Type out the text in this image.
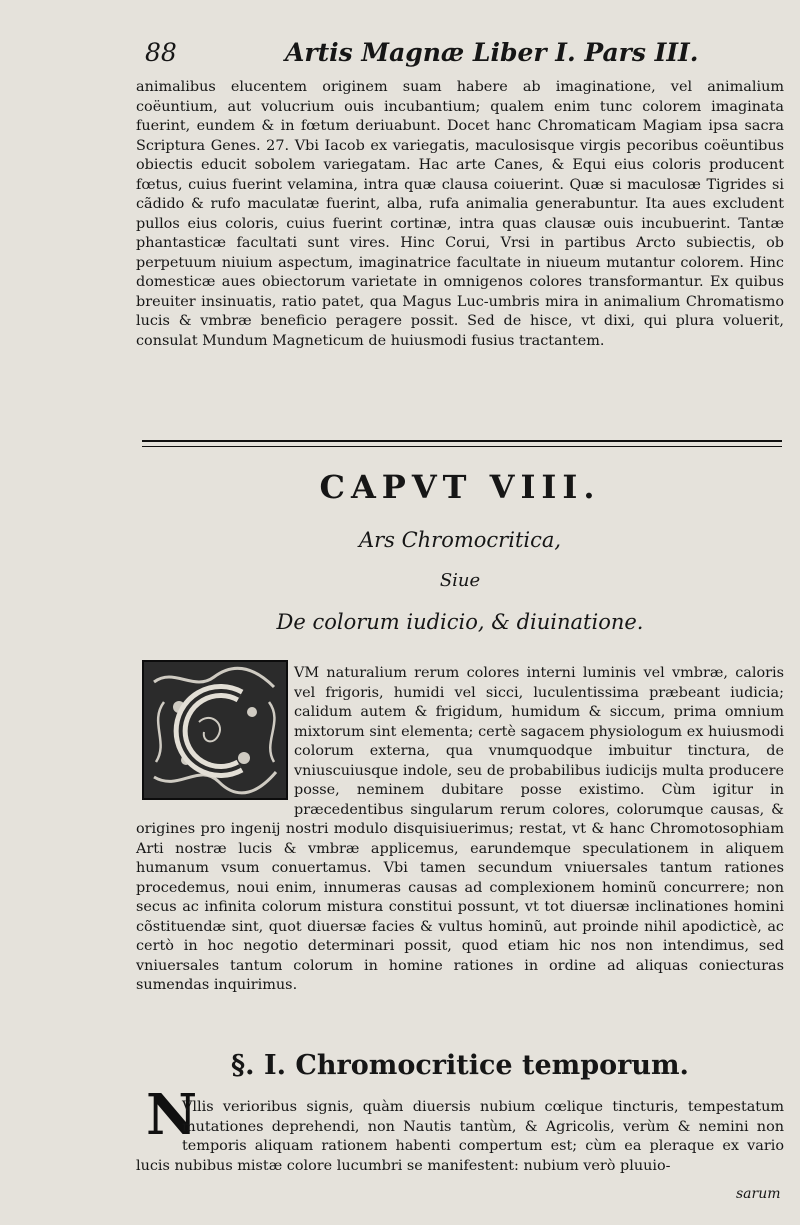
88	Artis Magnæ Liber I. Pars III.
animalibus elucentem originem suam habere ab imaginatione, vel animalium coëuntium, aut volucrium ouis incubantium; qualem enim tunc colorem imaginata fuerint, eundem & in fœtum deriuabunt. Docet hanc Chromaticam Magiam ipsa sacra Scriptura Genes. 27. Vbi Iacob ex variegatis, maculosisque virgis pecoribus coëuntibus obiectis educit sobolem variegatam. Hac arte Canes, & Equi eius coloris producent fœtus, cuius fuerint velamina, intra quæ clausa coiuerint. Quæ si maculosæ Tigrides si cãdido & rufo maculatæ fuerint, alba, rufa animalia generabuntur. Ita aues excludent pullos eius coloris, cuius fuerint cortinæ, intra quas clausæ ouis incubuerint. Tantæ phantasticæ facultati sunt vires. Hinc Corui, Vrsi in partibus Arcto subiectis, ob perpetuum niuium aspectum, imaginatrice facultate in niueum mutantur colorem. Hinc domesticæ aues obiectorum varietate in omnigenos colores transformantur. Ex quibus breuiter insinuatis, ratio patet, qua Magus Luc-umbris mira in animalium Chromatismo lucis & vmbræ beneficio peragere possit. Sed de hisce, vt dixi, qui plura voluerit, consulat Mundum Magneticum de huiusmodi fusius tractantem.
CAPVT VIII.
Ars Chromocritica,
Siue
De colorum iudicio, & diuinatione.
VM naturalium rerum colores interni luminis vel vmbræ, caloris vel frigoris, humidi vel sicci, luculentissima præbeant iudicia; calidum autem & frigidum, humidum & siccum, prima omnium mixtorum sint elementa; certè sagacem physiologum ex huiusmodi colorum externa, qua vnumquodque imbuitur tinctura, de vniuscuiusque indole, seu de probabilibus iudicijs multa producere posse, neminem dubitare posse existimo. Cùm igitur in præcedentibus singularum rerum colores, colorumque causas, & origines pro ingenij nostri modulo disquisiuerimus; restat, vt & hanc Chromotosophiam Arti nostræ lucis & vmbræ applicemus, earundemque speculationem in aliquem humanum vsum conuertamus. Vbi tamen secundum vniuersales tantum rationes procedemus, noui enim, innumeras causas ad complexionem hominũ concurrere; non secus ac infinita colorum mistura constitui possunt, vt tot diuersæ inclinationes homini cõstituendæ sint, quot diuersæ facies & vultus hominũ, aut proinde nihil apodicticè, ac certò in hoc negotio determinari possit, quod etiam hic nos non intendimus, sed vniuersales tantum colorum in homine rationes in ordine ad aliquas coniecturas sumendas inquirimus.
§. I. Chromocritice temporum.
N
Vllis verioribus signis, quàm diuersis nubium cœlique tincturis, tempestatum mutationes deprehendi, non Nautis tantùm, & Agricolis, verùm & nemini non temporis aliquam rationem habenti compertum est; cùm ea pleraque ex vario lucis nubibus mistæ colore lucumbri se manifestent: nubium verò pluuio-
sarum
